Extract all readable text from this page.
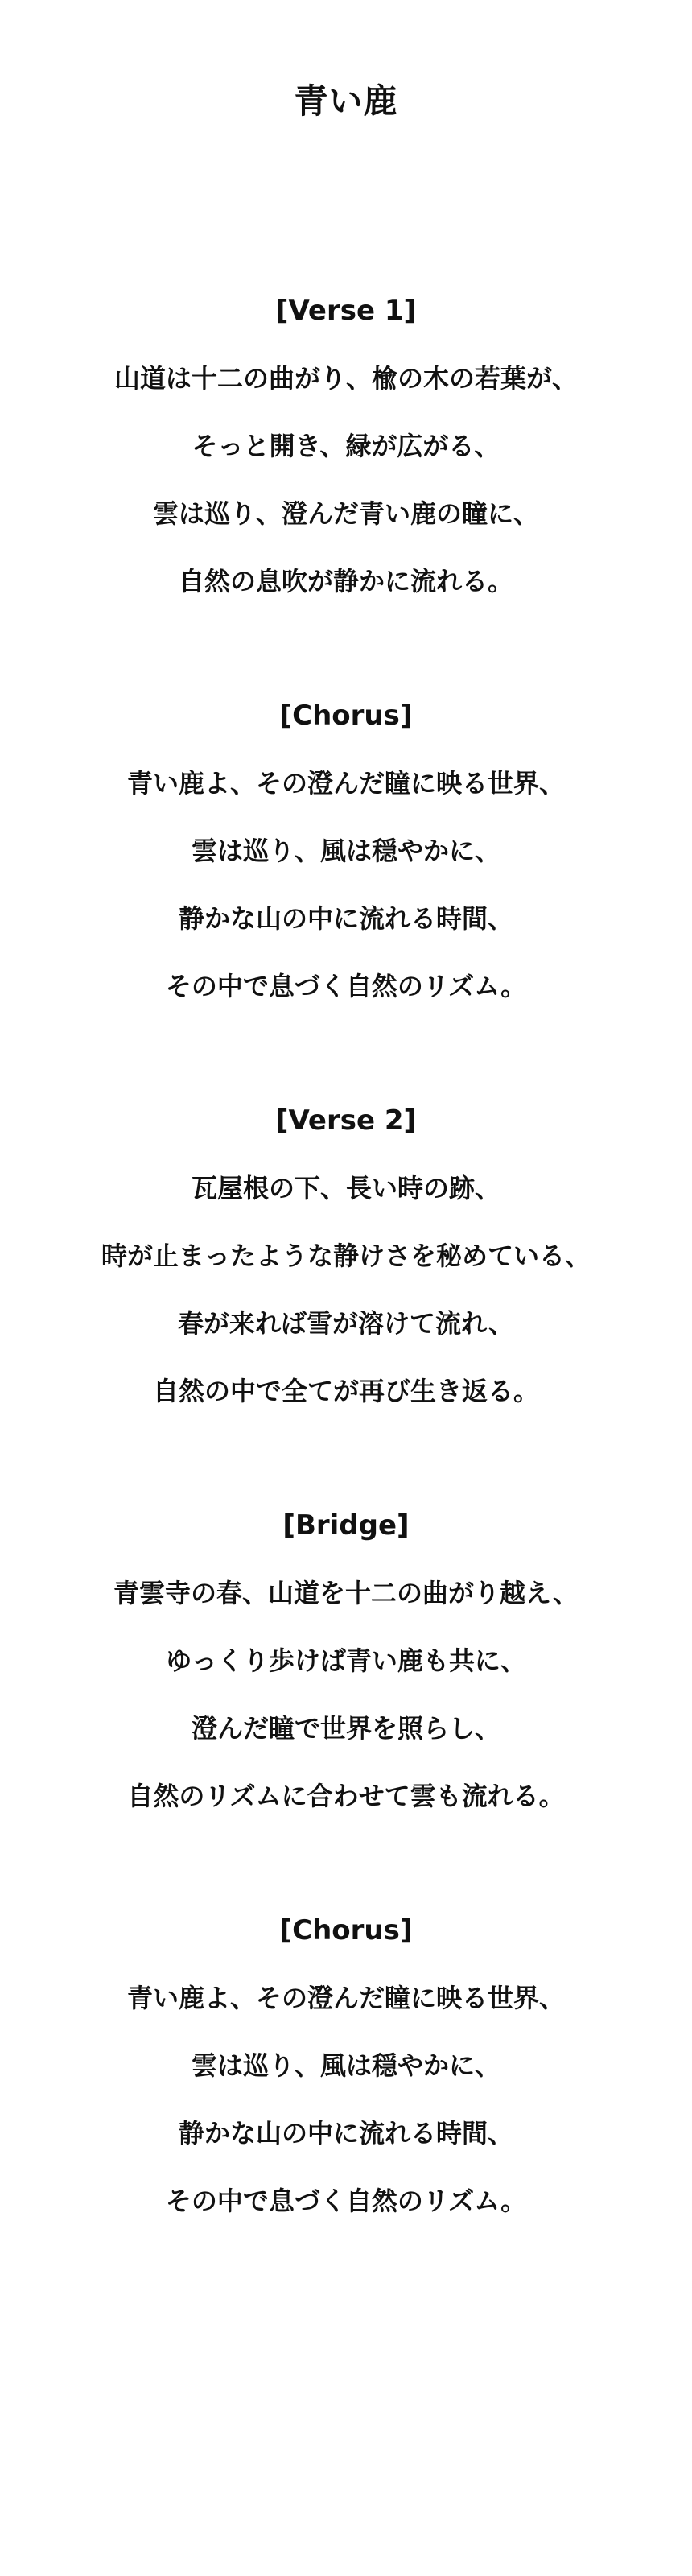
青い鹿

[Verse 1]

山道は十二の曲がり、楡の木の若葉が、

そっと開き、緑が広がる、

雲は巡り、澄んだ青い鹿の瞳に、

自然の息吹が静かに流れる。

[Chorus]

青い鹿よ、その澄んだ瞳に映る世界、

雲は巡り、風は穏やかに、

静かな山の中に流れる時間、

その中で息づく自然のリズム。

[Verse 2]

瓦屋根の下、長い時の跡、

時が止まったような静けさを秘めている、

春が来れば雪が溶けて流れ、

自然の中で全てが再び生き返る。

[Bridge]

青雲寺の春、山道を十二の曲がり越え、

ゆっくり歩けば青い鹿も共に、

澄んだ瞳で世界を照らし、

自然のリズムに合わせて雲も流れる。

[Chorus]

青い鹿よ、その澄んだ瞳に映る世界、

雲は巡り、風は穏やかに、

静かな山の中に流れる時間、

その中で息づく自然のリズム。
